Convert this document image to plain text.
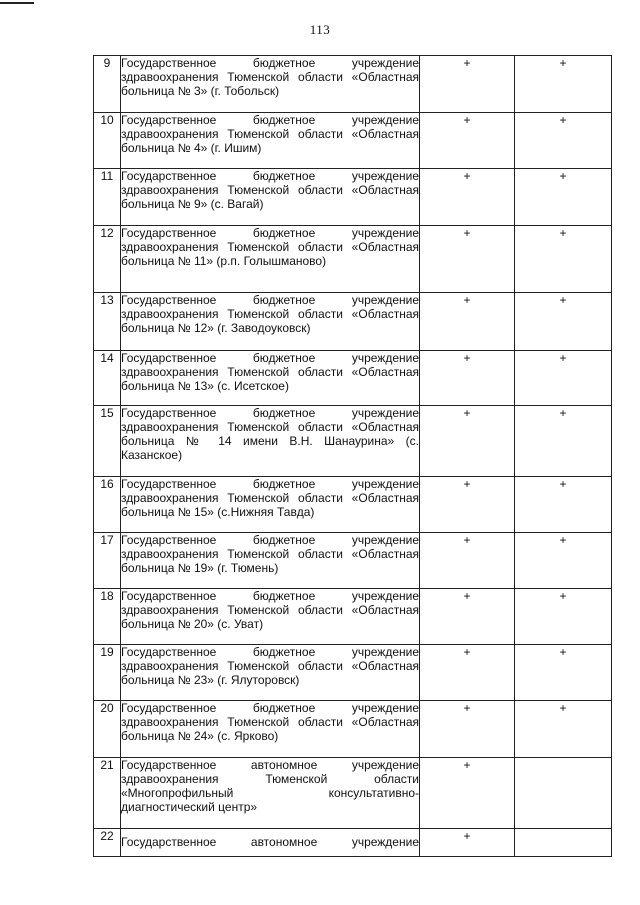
113
9	Государственное бюджетное учреждение здравоохранения Тюменской области «Областная больница № 3» (г. Тобольск)	+	+
10	Государственное бюджетное учреждение здравоохранения Тюменской области «Областная больница № 4» (г. Ишим)	+	+
11	Государственное бюджетное учреждение здравоохранения Тюменской области «Областная больница № 9» (с. Вагай)	+	+
12	Государственное бюджетное учреждение здравоохранения Тюменской области «Областная больница № 11» (р.п. Голышманово)	+	+
13	Государственное бюджетное учреждение здравоохранения Тюменской области «Областная больница № 12» (г. Заводоуковск)	+	+
14	Государственное бюджетное учреждение здравоохранения Тюменской области «Областная больница № 13» (с. Исетское)	+	+
15	Государственное бюджетное учреждение здравоохранения Тюменской области «Областная больница № 14 имени В.Н. Шанаурина» (с. Казанское)	+	+
16	Государственное бюджетное учреждение здравоохранения Тюменской области «Областная больница № 15» (с.Нижняя Тавда)	+	+
17	Государственное бюджетное учреждение здравоохранения Тюменской области «Областная больница № 19» (г. Тюмень)	+	+
18	Государственное бюджетное учреждение здравоохранения Тюменской области «Областная больница № 20» (с. Уват)	+	+
19	Государственное бюджетное учреждение здравоохранения Тюменской области «Областная больница № 23» (г. Ялуторовск)	+	+
20	Государственное бюджетное учреждение здравоохранения Тюменской области «Областная больница № 24» (с. Ярково)	+	+
21	Государственное автономное учреждение здравоохранения Тюменской области «Многопрофильный консультативно-диагностический центр»	+	
22	Государственное автономное учреждение	+	
